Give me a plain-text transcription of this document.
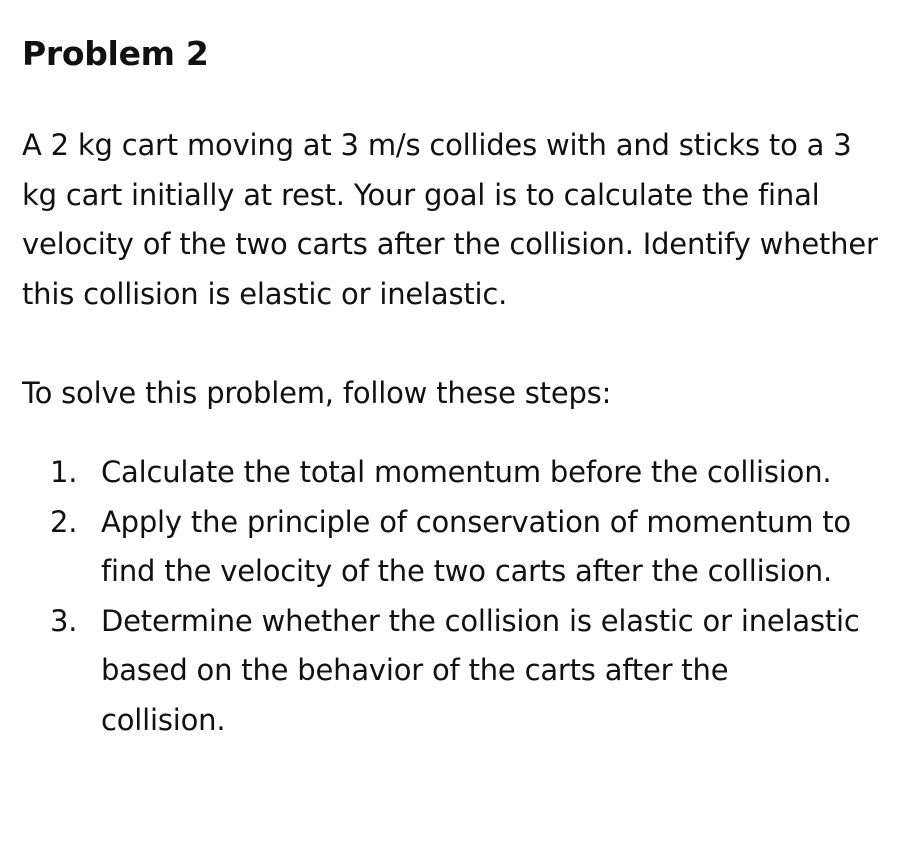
Problem 2

A 2 kg cart moving at 3 m/s collides with and sticks to a 3 kg cart initially at rest. Your goal is to calculate the final velocity of the two carts after the collision. Identify whether this collision is elastic or inelastic.

To solve this problem, follow these steps:

1. Calculate the total momentum before the collision.
2. Apply the principle of conservation of momentum to find the velocity of the two carts after the collision.
3. Determine whether the collision is elastic or inelastic based on the behavior of the carts after the collision.
